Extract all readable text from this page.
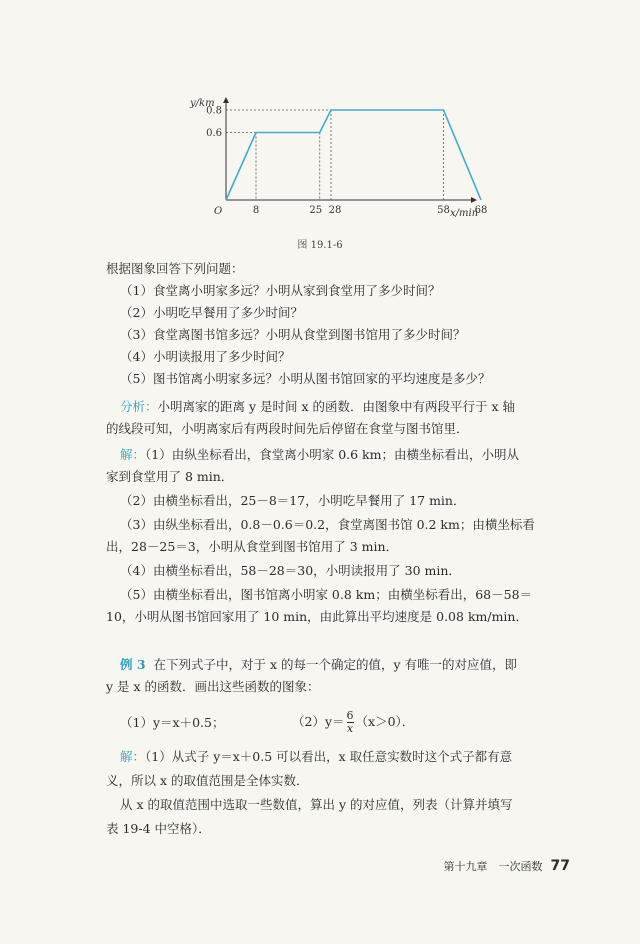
8	25 28	58 68
0.6
0.8
y/km
x/min
O
图 19.1-6
根据图象回答下列问题：
（1）食堂离小明家多远？小明从家到食堂用了多少时间？
（2）小明吃早餐用了多少时间？
（3）食堂离图书馆多远？小明从食堂到图书馆用了多少时间？
（4）小明读报用了多少时间？
（5）图书馆离小明家多远？小明从图书馆回家的平均速度是多少？
分析：小明离家的距离 y 是时间 x 的函数．由图象中有两段平行于 x 轴
的线段可知，小明离家后有两段时间先后停留在食堂与图书馆里．
解：（1）由纵坐标看出，食堂离小明家 0.6 km；由横坐标看出，小明从
家到食堂用了 8 min．
（2）由横坐标看出，25－8＝17，小明吃早餐用了 17 min．
（3）由纵坐标看出，0.8－0.6＝0.2，食堂离图书馆 0.2 km；由横坐标看
出，28－25＝3，小明从食堂到图书馆用了 3 min．
（4）由横坐标看出，58－28＝30，小明读报用了 30 min．
（5）由横坐标看出，图书馆离小明家 0.8 km；由横坐标看出，68－58＝
10，小明从图书馆回家用了 10 min，由此算出平均速度是 0.08 km/min．
例 3 在下列式子中，对于 x 的每一个确定的值，y 有唯一的对应值，即
y 是 x 的函数．画出这些函数的图象：
（1）y＝x＋0.5；	$(2)y= \frac{6}{x} (x>0)$．
解：（1）从式子 y＝x＋0.5 可以看出，x 取任意实数时这个式子都有意
义，所以 x 的取值范围是全体实数．
从 x 的取值范围中选取一些数值，算出 y 的对应值，列表（计算并填写
表 19-4 中空格）．
第十九章　一次函数 77
